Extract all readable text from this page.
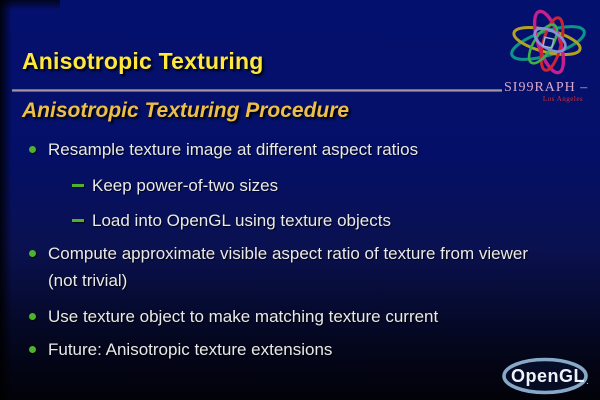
Anisotropic Texturing
Anisotropic Texturing Procedure
Resample texture image at different aspect ratios
Keep power-of-two sizes
Load into OpenGL using texture objects
Compute approximate visible aspect ratio of texture from viewer (not trivial)
Use texture object to make matching texture current
Future: Anisotropic texture extensions
SI99RAPH –
Los Angeles
OpenGL .
